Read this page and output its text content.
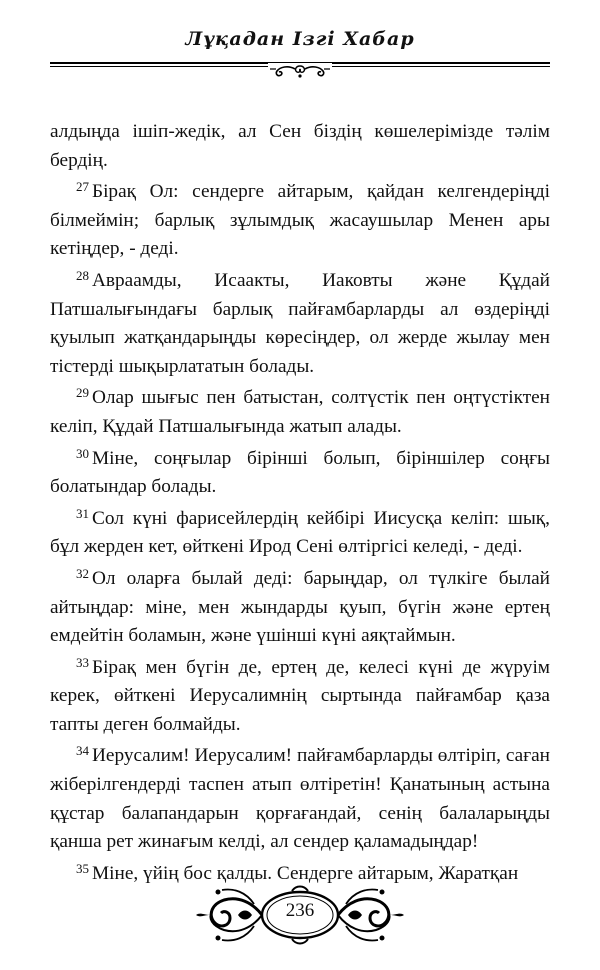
Лұқадан Ізгі Хабар

алдыңда ішіп-жедік, ал Сен біздің көшелерімізде тәлім бердің.

$^{27}$ Бірақ Ол: сендерге айтарым, қайдан келгендеріңді білмеймін; барлық зұлымдық жасаушылар Менен ары кетіңдер, - деді.

$^{28}$ Авраамды, Исаакты, Иаковты және Құдай Патшалығындағы барлық пайғамбарларды ал өздеріңді қуылып жатқандарыңды көресіңдер, ол жерде жылау мен тістерді шықырлататын болады.

$^{29}$ Олар шығыс пен батыстан, солтүстік пен оңтүстіктен келіп, Құдай Патшалығында жатып алады.

$^{30}$ Міне, соңғылар бірінші болып, біріншілер соңғы болатындар болады.

$^{31}$ Сол күні фарисейлердің кейбірі Иисусқа келіп: шық, бұл жерден кет, өйткені Ирод Сені өлтіргісі келеді, - деді.

$^{32}$ Ол оларға былай деді: барыңдар, ол түлкіге былай айтыңдар: міне, мен жындарды қуып, бүгін және ертең емдейтін боламын, және үшінші күні аяқтаймын.

$^{33}$ Бірақ мен бүгін де, ертең де, келесі күні де жүруім керек, өйткені Иерусалимнің сыртында пайғамбар қаза тапты деген болмайды.

$^{34}$ Иерусалим! Иерусалим! пайғамбарларды өлтіріп, саған жіберілгендерді таспен атып өлтіретін! Қанатының астына құстар балапандарын қорғағандай, сенің балаларыңды қанша рет жинағым келді, ал сендер қаламадыңдар!

$^{35}$ Міне, үйің бос қалды. Сендерге айтарым, Жаратқан

236
